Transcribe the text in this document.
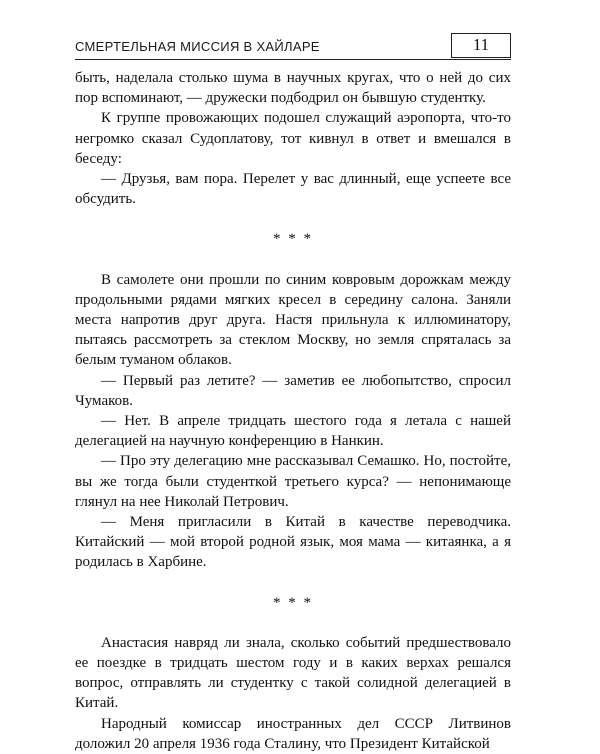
СМЕРТЕЛЬНАЯ МИССИЯ В ХАЙЛАРЕ	11

быть, наделала столько шума в научных кругах, что о ней до сих пор вспоминают, — дружески подбодрил он бывшую студентку.

К группе провожающих подошел служащий аэропорта, что-то негромко сказал Судоплатову, тот кивнул в ответ и вмешался в беседу:

— Друзья, вам пора. Перелет у вас длинный, еще успеете все обсудить.

* * *

В самолете они прошли по синим ковровым дорожкам между продольными рядами мягких кресел в середину салона. Заняли места напротив друг друга. Настя прильнула к иллюминатору, пытаясь рассмотреть за стеклом Москву, но земля спряталась за белым туманом облаков.

— Первый раз летите? — заметив ее любопытство, спросил Чумаков.

— Нет. В апреле тридцать шестого года я летала с нашей делегацией на научную конференцию в Нанкин.

— Про эту делегацию мне рассказывал Семашко. Но, постойте, вы же тогда были студенткой третьего курса? — непонимающе глянул на нее Николай Петрович.

— Меня пригласили в Китай в качестве переводчика. Китайский — мой второй родной язык, моя мама — китаянка, а я родилась в Харбине.

* * *

Анастасия навряд ли знала, сколько событий предшествовало ее поездке в тридцать шестом году и в каких верхах решался вопрос, отправлять ли студентку с такой солидной делегацией в Китай.

Народный комиссар иностранных дел СССР Литвинов доложил 20 апреля 1936 года Сталину, что Президент Китайской
